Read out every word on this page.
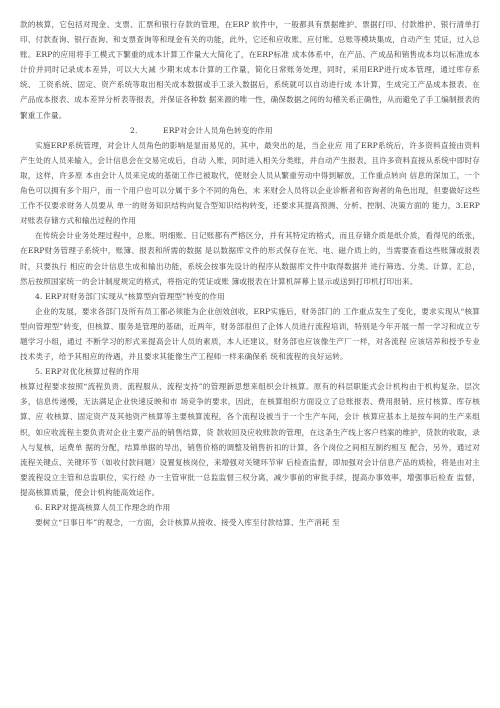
款的核算，它包括对现金、支票、汇票和银行存款的管理，在ERP 软件中，一般都具有票据维护、票据打印、付款维护、银行清单打印、付款查询、银行查询、和支票查询等和现金有关的功能，此外，它还和应收账、应付账、总账等模块集成，自动产生 凭证，过入总账。ERP的应用将手工模式下繁重的成本计算工作量大大简化了，在ERP标准 成本体系中，在产品、产成品和销售成本均以标准成本计价并同时记录成本差异，可以大大减 少期末成本计算的工作量，简化日常账务处理，同时，采用ERP进行成本管理，通过库存系统、 工资系统、固定、资产系统等取出相关成本数据或手工录入数据后，系统就可以自动进行成 本计算，生成完工产品成本报表、在产品成本报表、成本差异分析表等报表，并保证各种数 据来源的唯一性，确保数据之间的勾稽关系正确性，从而避免了手工编制报表的繁重工作量。

2.	ERP对会计人员角色转变的作用

实施ERP系统管理，对会计人员角色的影响是显而易见的，其中，最突出的是，当企业应 用了ERP系统后，许多资料直接由资料产生处的人员来输入，会计信息会在交易完成后，自动 入账，同时进入相关分类账，并自动产生报表，且许多资料直接从系统中即时存取，这样，许多原 本由会计人员来完成的基础工作已被取代，使财会人员从繁重劳动中得到解放，工作重点转向 信息的深加工，一个角色可以拥有多个用户，而一个用户也可以分属于多个不同的角色，未 来财会人员将以企业诊断者和咨询者的角色出现，但要做好这些工作不仅要求财务人员要从 单一的财务知识结构向复合型知识结构转变，还要求其提高预测、分析、控制、决策方面的 能力，3.ERP对账表存储方式和输出过程的作用

在传统会计业务处理过程中，总账、明细账、日记账都有严格区分，并有其特定的格式，而且存储介质是纸介质，看得见的纸张，在ERP财务管理子系统中，账簿、报表和所需的数据 是以数据库文件的形式保存在光、电、磁介质上的，当需要查看这些账簿或报表时，只要执行 相应的会计信息生成和输出功能，系统会按事先设计的程序从数据库文件中取得数据并 进行筛选、分类、计算、汇总，然后按照国家统一的会计制度规定的格式，将指定的凭证或账 簿或报表在计算机屏幕上显示或送到打印机打印出来。

4. ERP对财务部门实现从“核算型向管理型”转变的作用

企业的发展，要求各部门及所有员工都必须能为企业创效创收，ERP实施后，财务部门的 工作重点发生了变化，要求实现从“核算型向管理型”转变，但核算、服务是管理的基础，近两年，财务部很但了企体人员进行流程培训，特别是今年开展一帮一学习和成立专题学习小组，通过 不断学习的形式来提高会计人员的素质，本人还建议，财务部也应该像生产厂一样，对各流程 应该培养和授予专业技术类子，给予其相应的待遇，并且要求其能像生产工程师一样来确保系 统和流程的良好运转。

5. ERP对优化核算过程的作用

核算过程要求按照“流程负责、流程服从、流程支持”的管理新思想来组织会计核算。原有的科层职能式会计机构由于机构复杂、层次多，信息传递慢，无法满足企业快速反映和市 场竞争的要求，因此，在核算组织方面设立了总账报表、费用报销、应付核算、库存核算、应 收核算、固定资产及其他资产核算等主要核算流程，各个流程设被当于一个生产车间，会计 核算应基本上是按车间的生产来组织，如应收流程主要负责对企业主要产品的销售结算，货 款收回及应收账款的管理，在这条生产线上客户档案的维护，货款的收取，录入与复核，运费单 据的分配，结算单据的导出，销售价格的调整及销售折扣的计算，各个岗位之间相互制约相互 配合，另外，通过对流程关键点、关键环节（如收付款问题）设置复核岗位，来增强对关键环节审 后检查监督，即加强对会计信息产品的质检，将是由对主要流程设立主管和总监职位，实行经 办一主管审批一总监监督三权分离，减少事前的审批手续，提高办事效率，增强事后检查 监督，提高核算质量，使会计机构能高效运作。

6. ERP对提高核算人员工作理念的作用

要树立“日事日毕”的观念，一方面，会计核算从接收、接受入库至付款结算、生产消耗 至
